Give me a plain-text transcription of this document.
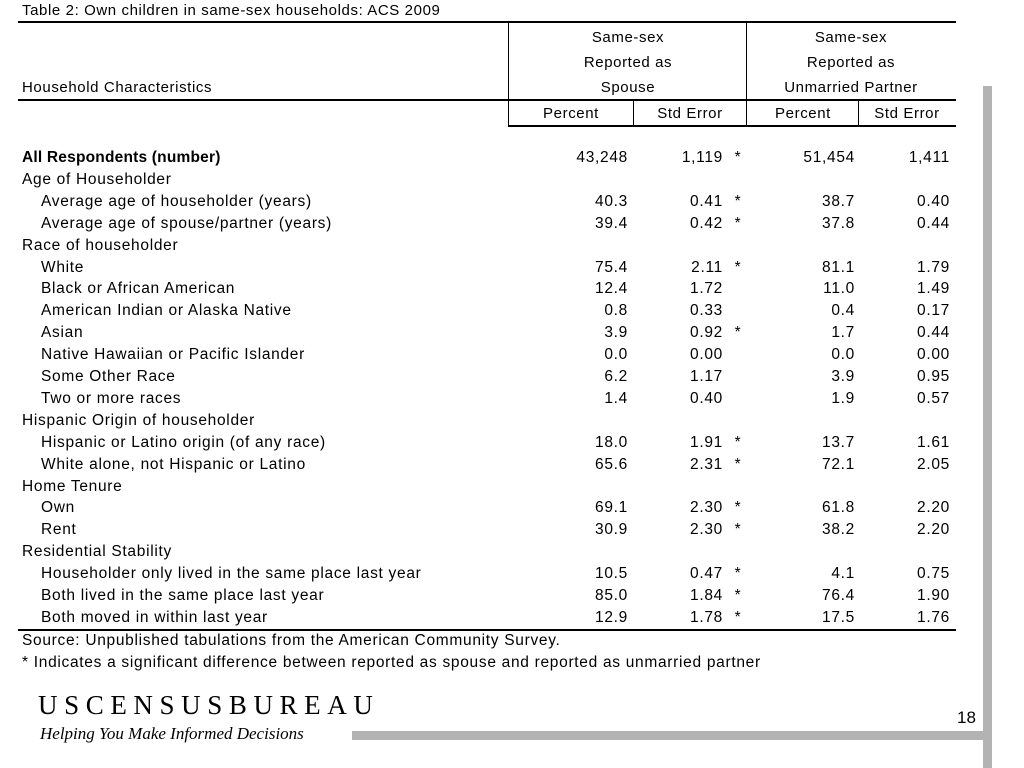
Table 2: Own children in same-sex households: ACS 2009
Same-sex
Reported as
Spouse
Same-sex
Reported as
Unmarried Partner
Household Characteristics
Percent	Std Error	Percent	Std Error
All Respondents (number)	43,248	1,119 *	51,454	1,411
Age of Householder
Average age of householder (years)	40.3	0.41 *	38.7	0.40
Average age of spouse/partner (years)	39.4	0.42 *	37.8	0.44
Race of householder
White	75.4	2.11 *	81.1	1.79
Black or African American	12.4	1.72	11.0	1.49
American Indian or Alaska Native	0.8	0.33	0.4	0.17
Asian	3.9	0.92 *	1.7	0.44
Native Hawaiian or Pacific Islander	0.0	0.00	0.0	0.00
Some Other Race	6.2	1.17	3.9	0.95
Two or more races	1.4	0.40	1.9	0.57
Hispanic Origin of householder
Hispanic or Latino origin (of any race)	18.0	1.91 *	13.7	1.61
White alone, not Hispanic or Latino	65.6	2.31 *	72.1	2.05
Home Tenure
Own	69.1	2.30 *	61.8	2.20
Rent	30.9	2.30 *	38.2	2.20
Residential Stability
Householder only lived in the same place last year	10.5	0.47 *	4.1	0.75
Both lived in the same place last year	85.0	1.84 *	76.4	1.90
Both moved in within last year	12.9	1.78 *	17.5	1.76
Source: Unpublished tabulations from the American Community Survey.
* Indicates a significant difference between reported as spouse and reported as unmarried partner
USCENSUSBUREAU
Helping You Make Informed Decisions
18
